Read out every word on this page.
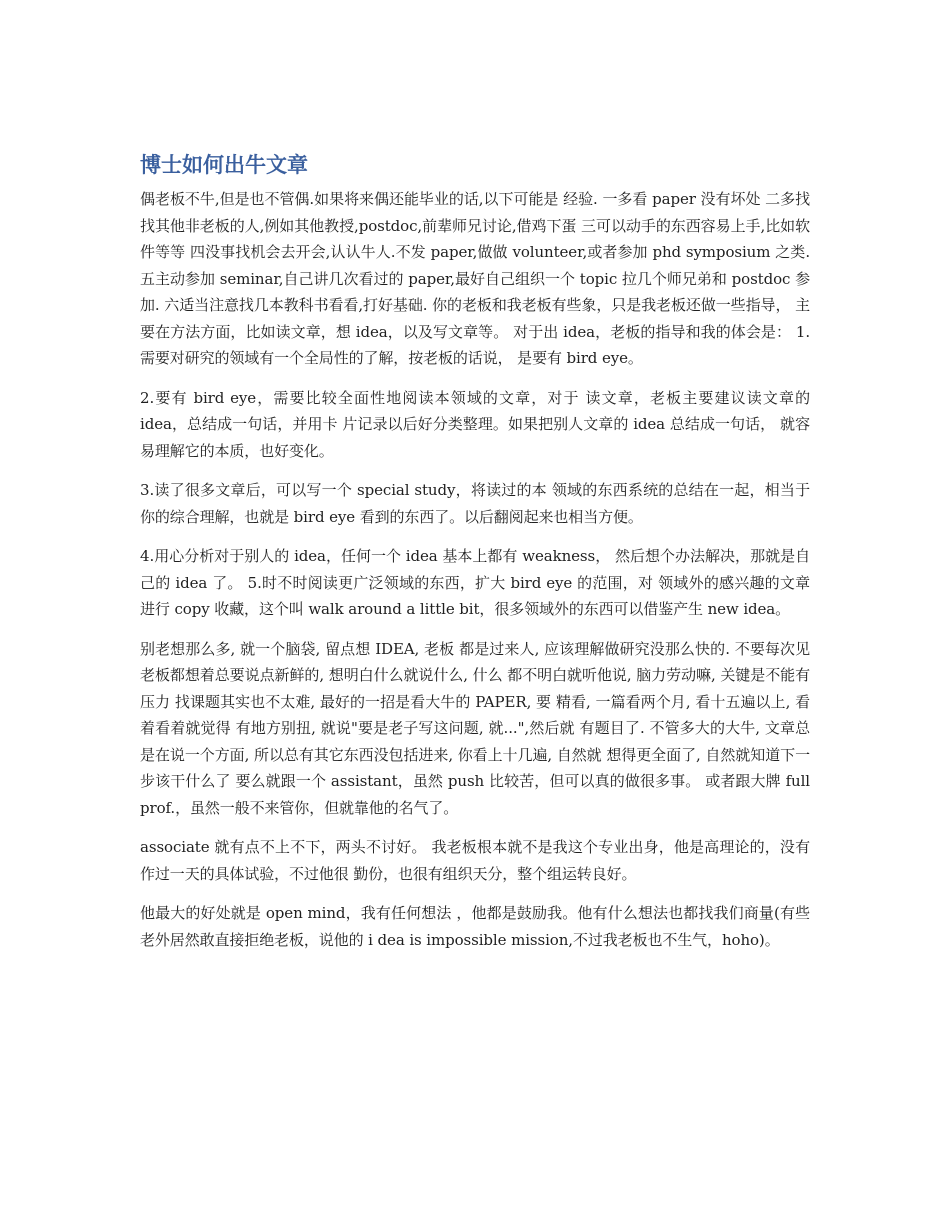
博士如何出牛文章

偶老板不牛,但是也不管偶.如果将来偶还能毕业的话,以下可能是 经验. 一多看 paper 没有坏处 二多找找其他非老板的人,例如其他教授,postdoc,前辈师兄讨论,借鸡下蛋 三可以动手的东西容易上手,比如软件等等 四没事找机会去开会,认认牛人.不发 paper,做做 volunteer,或者参加 phd symposium 之类. 五主动参加 seminar,自己讲几次看过的 paper,最好自己组织一个 topic 拉几个师兄弟和 postdoc 参加. 六适当注意找几本教科书看看,打好基础. 你的老板和我老板有些象，只是我老板还做一些指导， 主要在方法方面，比如读文章，想 idea，以及写文章等。 对于出 idea，老板的指导和我的体会是： 1.需要对研究的领域有一个全局性的了解，按老板的话说， 是要有 bird eye。

2.要有 bird eye，需要比较全面性地阅读本领域的文章，对于 读文章，老板主要建议读文章的 idea，总结成一句话，并用卡 片记录以后好分类整理。如果把别人文章的 idea 总结成一句话， 就容易理解它的本质，也好变化。

3.读了很多文章后，可以写一个 special study，将读过的本 领域的东西系统的总结在一起，相当于你的综合理解，也就是 bird eye 看到的东西了。以后翻阅起来也相当方便。

4.用心分析对于别人的 idea，任何一个 idea 基本上都有 weakness， 然后想个办法解决，那就是自己的 idea 了。 5.时不时阅读更广泛领域的东西，扩大 bird eye 的范围，对 领域外的感兴趣的文章进行 copy 收藏，这个叫 walk around a little bit，很多领域外的东西可以借鉴产生 new idea。

别老想那么多, 就一个脑袋, 留点想 IDEA, 老板 都是过来人, 应该理解做研究没那么快的. 不要每次见 老板都想着总要说点新鲜的, 想明白什么就说什么, 什么 都不明白就听他说, 脑力劳动嘛, 关键是不能有压力 找课题其实也不太难, 最好的一招是看大牛的 PAPER, 要 精看, 一篇看两个月, 看十五遍以上, 看着看着就觉得 有地方别扭, 就说"要是老子写这问题, 就...",然后就 有题目了. 不管多大的大牛, 文章总是在说一个方面, 所以总有其它东西没包括进来, 你看上十几遍, 自然就 想得更全面了, 自然就知道下一步该干什么了 要么就跟一个 assistant，虽然 push 比较苦，但可以真的做很多事。 或者跟大牌 full prof.，虽然一般不来管你，但就靠他的名气了。

associate 就有点不上不下，两头不讨好。 我老板根本就不是我这个专业出身，他是高理论的，没有作过一天的具体试验，不过他很 勤份，也很有组织天分，整个组运转良好。

他最大的好处就是 open mind，我有任何想法 ，他都是鼓励我。他有什么想法也都找我们商量(有些老外居然敢直接拒绝老板，说他的 i dea is impossible mission,不过我老板也不生气，hoho)。
